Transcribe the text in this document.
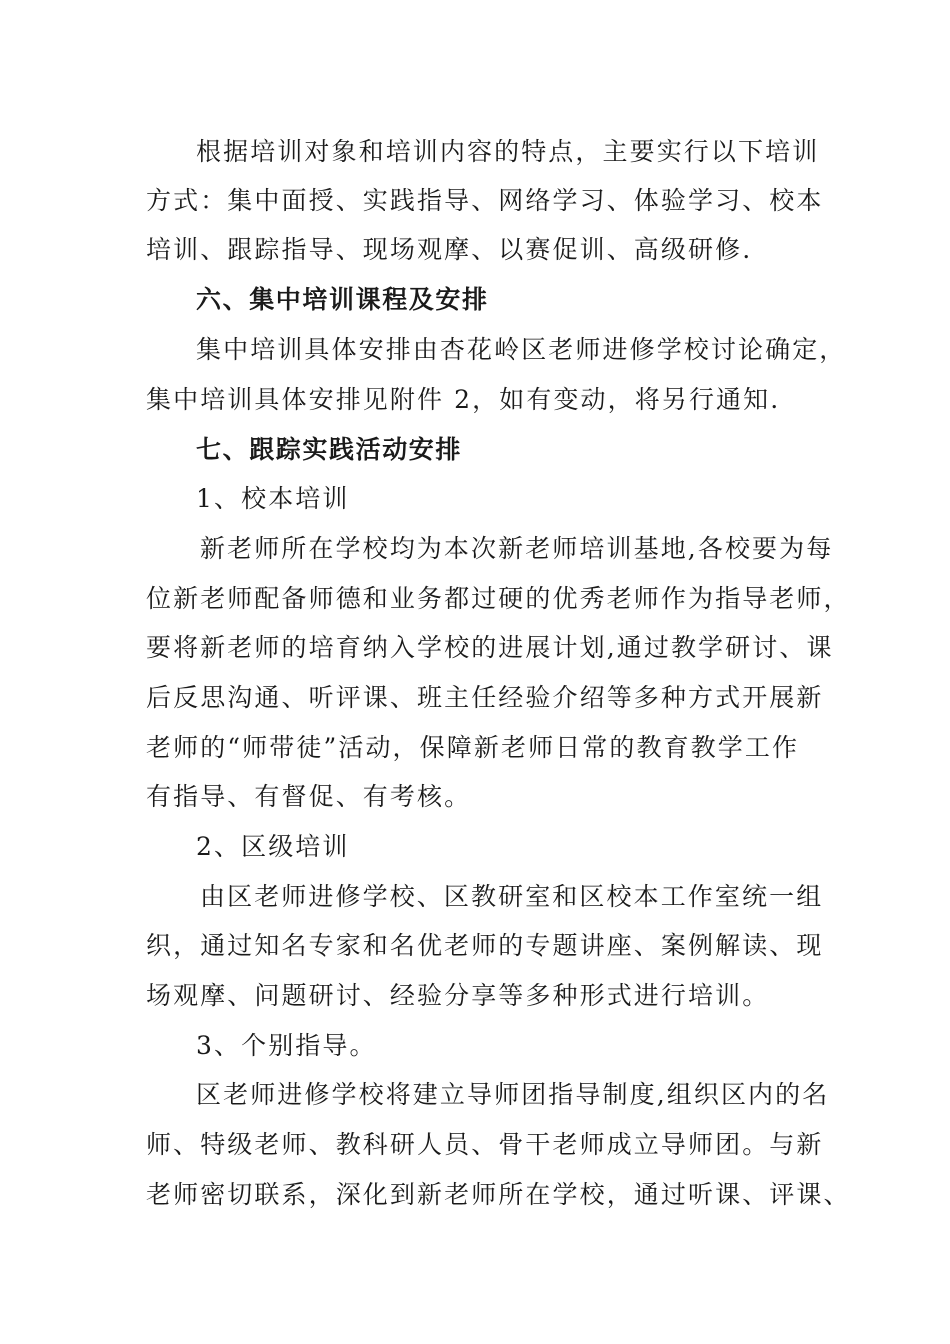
根据培训对象和培训内容的特点，主要实行以下培训
方式：集中面授、实践指导、网络学习、体验学习、校本
培训、跟踪指导、现场观摩、以赛促训、高级研修.
六、集中培训课程及安排
集中培训具体安排由杏花岭区老师进修学校讨论确定，
集中培训具体安排见附件 2，如有变动，将另行通知.
七、跟踪实践活动安排
1、校本培训
新老师所在学校均为本次新老师培训基地,各校要为每
位新老师配备师德和业务都过硬的优秀老师作为指导老师，
要将新老师的培育纳入学校的进展计划,通过教学研讨、课
后反思沟通、听评课、班主任经验介绍等多种方式开展新
老师的“师带徒”活动，保障新老师日常的教育教学工作
有指导、有督促、有考核。
2、区级培训
由区老师进修学校、区教研室和区校本工作室统一组
织，通过知名专家和名优老师的专题讲座、案例解读、现
场观摩、问题研讨、经验分享等多种形式进行培训。
3、个别指导。
区老师进修学校将建立导师团指导制度,组织区内的名
师、特级老师、教科研人员、骨干老师成立导师团。与新
老师密切联系，深化到新老师所在学校，通过听课、评课、
